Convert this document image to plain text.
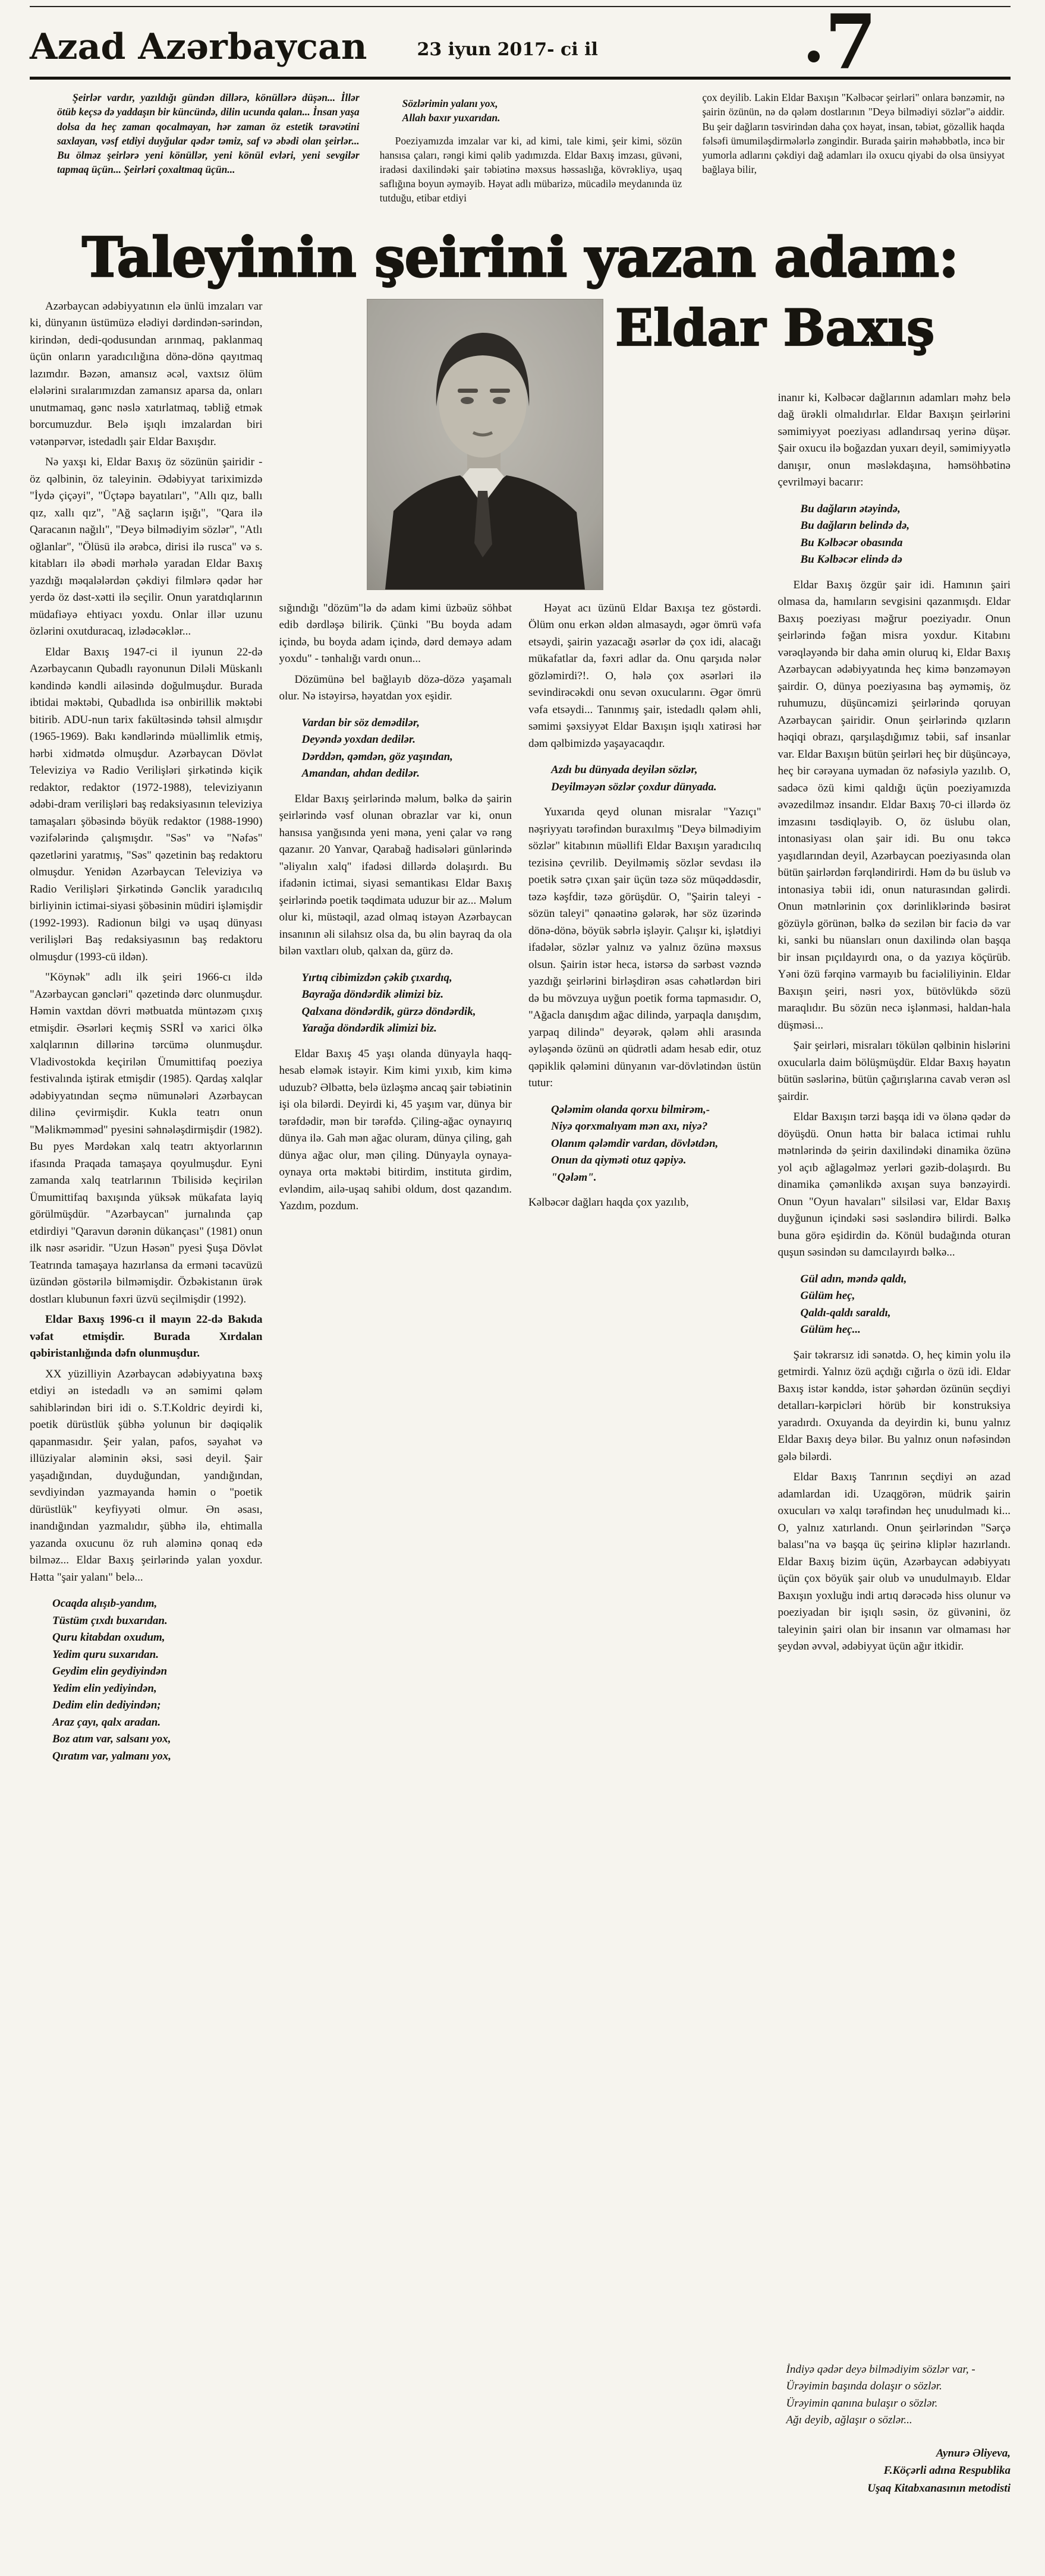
Azad Azərbaycan	23 iyun 2017- ci il	7

Şeirlər vardır, yazıldığı gündən dillərə, könüllərə düşən... İllər ötüb keçsə də yaddaşın bir küncündə, dilin ucunda qalan... İnsan yaşa dolsa da heç zaman qocalmayan, hər zaman öz estetik təravətini saxlayan, vəsf etdiyi duyğular qədər təmiz, saf və əbədi olan şeirlər... Bu ölməz şeirlərə yeni könüllər, yeni könül evləri, yeni sevgilər tapmaq üçün... Şeirləri çoxaltmaq üçün...

Sözlərimin yalanı yox,
Allah baxır yuxarıdan.

Poeziyamızda imzalar var ki, ad kimi, tale kimi, şeir kimi, sözün hansısa çaları, rəngi kimi qəlib yadımızda. Eldar Baxış imzası, güvəni, iradəsi daxilindəki şair təbiətinə məxsus həssaslığa, kövrəkliyə, uşaq saflığına boyun əyməyib. Həyat adlı mübarizə, mücadilə meydanında üz tutduğu, etibar etdiyi

çox deyilib. Lakin Eldar Baxışın "Kəlbəcər şeirləri" onlara bənzəmir, nə şairin özünün, nə də qələm dostlarının "Deyə bilmədiyi sözlər"ə aiddir. Bu şeir dağların təsvirindən daha çox həyat, insan, təbiət, gözəllik haqda fəlsəfi ümumiləşdirmələrlə zəngindir. Burada şairin məhəbbətlə, incə bir yumorla adlarını çəkdiyi dağ adamları ilə oxucu qiyabi də olsa ünsiyyət bağlaya bilir,

Taleyinin şeirini yazan adam:

Azərbaycan ədəbiyyatının elə ünlü imzaları var ki, dünyanın üstümüzə elədiyi dərdindən-sərindən, kirindən, dedi-qodusundan arınmaq, paklanmaq üçün onların yaradıcılığına dönə-dönə qayıtmaq lazımdır. Bəzən, amansız əcəl, vaxtsız ölüm elələrini sıralarımızdan zamansız aparsa da, onları unutmamaq, gənc nəslə xatırlatmaq, təbliğ etmək borcumuzdur. Belə işıqlı imzalardan biri vətənpərvər, istedadlı şair Eldar Baxışdır.

Nə yaxşı ki, Eldar Baxış öz sözünün şairidir - öz qəlbinin, öz taleyinin. Ədəbiyyat tariximizdə "İydə çiçəyi", "Üçtəpə bayatıları", "Allı qız, ballı qız, xallı qız", "Ağ saçların işığı", "Qara ilə Qaracanın nağılı", "Deyə bilmədiyim sözlər", "Atlı oğlanlar", "Ölüsü ilə ərəbcə, dirisi ilə rusca" və s. kitabları ilə əbədi mərhələ yaradan Eldar Baxış yazdığı məqalələrdən çəkdiyi filmlərə qədər hər yerdə öz dəst-xətti ilə seçilir. Onun yaratdıqlarının müdafiəyə ehtiyacı yoxdu. Onlar illər uzunu özlərini oxutduracaq, izlədəcəklər...

Eldar Baxış 1947-ci il iyunun 22-də Azərbaycanın Qubadlı rayonunun Diləli Müskanlı kəndində kəndli ailəsində doğulmuşdur. Burada ibtidai məktəbi, Qubadlıda isə onbirillik məktəbi bitirib. ADU-nun tarix fakültəsində təhsil almışdır (1965-1969). Bakı kəndlərində müəllimlik etmiş, hərbi xidmətdə olmuşdur. Azərbaycan Dövlət Televiziya və Radio Verilişləri şirkətində kiçik redaktor, redaktor (1972-1988), televiziyanın ədəbi-dram verilişləri baş redaksiyasının televiziya tamaşaları şöbəsində böyük redaktor (1988-1990) vəzifələrində çalışmışdır. "Səs" və "Nəfəs" qəzetlərini yaratmış, "Səs" qəzetinin baş redaktoru olmuşdur. Yenidən Azərbaycan Televiziya və Radio Verilişləri Şirkətində Gənclik yaradıcılıq birliyinin ictimai-siyasi şöbəsinin müdiri işləmişdir (1992-1993). Radionun bilgi və uşaq dünyası verilişləri Baş redaksiyasının baş redaktoru olmuşdur (1993-cü ildən).

"Köynək" adlı ilk şeiri 1966-cı ildə "Azərbaycan gəncləri" qəzetində dərc olunmuşdur. Həmin vaxtdan dövri mətbuatda müntəzəm çıxış etmişdir. Əsərləri keçmiş SSRİ və xarici ölkə xalqlarının dillərinə tərcümə olunmuşdur. Vladivostokda keçirilən Ümumittifaq poeziya festivalında iştirak etmişdir (1985). Qardaş xalqlar ədəbiyyatından seçmə nümunələri Azərbaycan dilinə çevirmişdir. Kukla teatrı onun "Məlikməmməd" pyesini səhnələşdirmişdir (1982). Bu pyes Mərdəkan xalq teatrı aktyorlarının ifasında Praqada tamaşaya qoyulmuşdur. Eyni zamanda xalq teatrlarının Tbilisidə keçirilən Ümumittifaq baxışında yüksək mükafata layiq görülmüşdür. "Azərbaycan" jurnalında çap etdirdiyi "Qaravun dərənin dükançası" (1981) onun ilk nəsr əsəridir. "Uzun Həsən" pyesi Şuşa Dövlət Teatrında tamaşaya hazırlansa da erməni təcavüzü üzündən göstərilə bilməmişdir. Özbəkistanın ürək dostları klubunun fəxri üzvü seçilmişdir (1992).

Eldar Baxış 1996-cı il mayın 22-də Bakıda vəfat etmişdir. Burada Xırdalan qəbiristanlığında dəfn olunmuşdur.

XX yüzilliyin Azərbaycan ədəbiyyatına bəxş etdiyi ən istedadlı və ən səmimi qələm sahiblərindən biri idi o. S.T.Koldric deyirdi ki, poetik dürüstlük şübhə yolunun bir dəqiqəlik qapanmasıdır. Şeir yalan, pafos, səyahət və illüziyalar aləminin əksi, səsi deyil. Şair yaşadığından, duyduğundan, yandığından, sevdiyindən yazmayanda həmin o "poetik dürüstlük" keyfiyyəti olmur. Ən əsası, inandığından yazmalıdır, şübhə ilə, ehtimalla yazanda oxucunu öz ruh aləminə qonaq edə bilməz... Eldar Baxış şeirlərində yalan yoxdur. Hətta "şair yalanı" belə...

Ocaqda alışıb-yandım,
Tüstüm çıxdı buxarıdan.
Quru kitabdan oxudum,
Yedim quru suxarıdan.
Geydim elin geydiyindən
Yedim elin yediyindən,
Dedim elin dediyindən;
Araz çayı, qalx aradan.
Boz atım var, salsanı yox,
Qıratım var, yalmanı yox,

sığındığı "dözüm"lə də adam kimi üzbəüz söhbət edib dərdləşə bilirik. Çünki "Bu boyda adam içində, bu boyda adam içində, dərd deməyə adam yoxdu" - tənhalığı vardı onun...

Dözümünə bel bağlayıb dözə-dözə yaşamalı olur. Nə istəyirsə, həyatdan yox eşidir.

Vardan bir söz demədilər,
Deyəndə yoxdan dedilər.
Dərddən, qəmdən, göz yaşından,
Amandan, ahdan dedilər.

Eldar Baxış şeirlərində məlum, bəlkə də şairin şeirlərində vəsf olunan obrazlar var ki, onun hansısa yanğısında yeni məna, yeni çalar və rəng qazanır. 20 Yanvar, Qarabağ hadisələri günlərində "əliyalın xalq" ifadəsi dillərdə dolaşırdı. Bu ifadənin ictimai, siyasi semantikası Eldar Baxış şeirlərində poetik təqdimata uduzur bir az... Məlum olur ki, müstəqil, azad olmaq istəyən Azərbaycan insanının əli silahsız olsa da, bu əlin bayraq da ola bilən vaxtları olub, qalxan da, gürz də.

Yırtıq cibimizdən çəkib çıxardıq,
Bayrağa döndərdik əlimizi biz.
Qalxana döndərdik, gürzə döndərdik,
Yarağa döndərdik əlimizi biz.

Eldar Baxış 45 yaşı olanda dünyayla haqq-hesab eləmək istəyir. Kim kimi yıxıb, kim kimə uduzub? Əlbəttə, belə üzləşmə ancaq şair təbiətinin işi ola bilərdi. Deyirdi ki, 45 yaşım var, dünya bir tərəfdədir, mən bir tərəfdə. Çiling-ağac oynayırıq dünya ilə. Gah mən ağac oluram, dünya çiling, gah dünya ağac olur, mən çiling. Dünyayla oynaya-oynaya orta məktəbi bitirdim, instituta girdim, evləndim, ailə-uşaq sahibi oldum, dost qazandım. Yazdım, pozdum.

Həyat acı üzünü Eldar Baxışa tez göstərdi. Ölüm onu erkən əldən almasaydı, əgər ömrü vəfa etsəydi, şairin yazacağı əsərlər də çox idi, alacağı mükafatlar da, fəxri adlar da. Onu qarşıda nələr gözləmirdi?!. O, hələ çox əsərləri ilə sevindirəcəkdi onu sevən oxucularını. Əgər ömrü vəfa etsəydi... Tanınmış şair, istedadlı qələm əhli, səmimi şəxsiyyət Eldar Baxışın işıqlı xatirəsi hər dəm qəlbimizdə yaşayacaqdır.

Azdı bu dünyada deyilən sözlər,
Deyilməyən sözlər çoxdur dünyada.

Yuxarıda qeyd olunan misralar "Yazıçı" nəşriyyatı tərəfindən buraxılmış "Deyə bilmədiyim sözlər" kitabının müəllifi Eldar Baxışın yaradıcılıq tezisinə çevrilib. Deyilməmiş sözlər sevdası ilə poetik sətrə çıxan şair üçün təzə söz müqəddəsdir, təzə kəşfdir, təzə görüşdür. O, "Şairin taleyi - sözün taleyi" qənaətinə gələrək, hər söz üzərində dönə-dönə, böyük səbrlə işləyir. Çalışır ki, işlətdiyi ifadələr, sözlər yalnız və yalnız özünə məxsus olsun. Şairin istər heca, istərsə də sərbəst vəzndə yazdığı şeirlərini birləşdirən əsas cəhətlərdən biri də bu mövzuya uyğun poetik forma tapmasıdır. O, "Ağacla danışdım ağac dilində, yarpaqla danışdım, yarpaq dilində" deyərək, qələm əhli arasında əyləşəndə özünü ən qüdrətli adam hesab edir, otuz qəpiklik qələmini dünyanın var-dövlətindən üstün tutur:

Qələmim olanda qorxu bilmirəm,-
Niyə qorxmalıyam mən axı, niyə?
Olanım qələmdir vardan, dövlətdən,
Onun da qiyməti otuz qəpiyə.
"Qələm".

Kəlbəcər dağları haqda çox yazılıb,

inanır ki, Kəlbəcər dağlarının adamları məhz belə dağ ürəkli olmalıdırlar. Eldar Baxışın şeirlərini səmimiyyət poeziyası adlandırsaq yerinə düşər. Şair oxucu ilə boğazdan yuxarı deyil, səmimiyyətlə danışır, onun məsləkdaşına, həmsöhbətinə çevrilməyi bacarır:

Bu dağların ətəyində,
Bu dağların belində də,
Bu Kəlbəcər obasında
Bu Kəlbəcər elində də

Eldar Baxış özgür şair idi. Hamının şairi olmasa da, hamıların sevgisini qazanmışdı. Eldar Baxış poeziyası məğrur poeziyadır. Onun şeirlərində fəğan misra yoxdur. Kitabını vərəqləyəndə bir daha əmin oluruq ki, Eldar Baxış Azərbaycan ədəbiyyatında heç kimə bənzəməyən şairdir. O, dünya poeziyasına baş əyməmiş, öz ruhumuzu, düşüncəmizi şeirlərində qoruyan Azərbaycan şairidir. Onun şeirlərində qızların həqiqi obrazı, qarşılaşdığımız təbii, saf insanlar var. Eldar Baxışın bütün şeirləri heç bir düşüncəyə, heç bir cərəyana uymadan öz nəfəsiylə yazılıb. O, sadəcə özü kimi qaldığı üçün poeziyamızda əvəzedilməz insandır. Eldar Baxış 70-ci illərdə öz imzasını təsdiqləyib. O, öz üslubu olan, intonasiyası olan şair idi. Bu onu təkcə yaşıdlarından deyil, Azərbaycan poeziyasında olan bütün şairlərdən fərqləndirirdi. Həm də bu üslub və intonasiya təbii idi, onun naturasından gəlirdi. Onun mətnlərinin çox dərinliklərində bəsirət gözüylə görünən, bəlkə də sezilən bir faciə də var ki, sanki bu nüansları onun daxilində olan başqa bir insan pıçıldayırdı ona, o da yazıya köçürüb. Yəni özü fərqinə varmayıb bu faciəliliyinin. Eldar Baxışın şeiri, nəsri yox, bütövlükdə sözü maraqlıdır. Bu sözün necə işlənməsi, haldan-hala düşməsi...

Şair şeirləri, misraları tökülən qəlbinin hislərini oxucularla daim bölüşmüşdür. Eldar Baxış həyatın bütün səslərinə, bütün çağırışlarına cavab verən əsl şairdir.

Eldar Baxışın tərzi başqa idi və ölənə qədər də döyüşdü. Onun hətta bir balaca ictimai ruhlu mətnlərində də şeirin daxilindəki dinamika özünə yol açıb ağlagəlməz yerləri gəzib-dolaşırdı. Bu dinamika çəmənlikdə axışan suya bənzəyirdi. Onun "Oyun havaları" silsiləsi var, Eldar Baxış duyğunun içindəki səsi səsləndirə bilirdi. Bəlkə buna görə eşidirdin də. Könül budağında oturan quşun səsindən su damcılayırdı bəlkə...

Gül adın, məndə qaldı,
Gülüm heç,
Qaldı-qaldı saraldı,
Gülüm heç...

Şair təkrarsız idi sənətdə. O, heç kimin yolu ilə getmirdi. Yalnız özü açdığı cığırla o özü idi. Eldar Baxış istər kənddə, istər şəhərdən özünün seçdiyi detalları-kərpicləri hörüb bir konstruksiya yaradırdı. Oxuyanda da deyirdin ki, bunu yalnız Eldar Baxış deyə bilər. Bu yalnız onun nəfəsindən gələ bilərdi.

Eldar Baxış Tanrının seçdiyi ən azad adamlardan idi. Uzaqgörən, müdrik şairin oxucuları və xalqı tərəfindən heç unudulmadı ki... O, yalnız xatırlandı. Onun şeirlərindən "Sərçə balası"na və başqa üç şeirinə kliplər hazırlandı. Eldar Baxış bizim üçün, Azərbaycan ədəbiyyatı üçün çox böyük şair olub və unudulmayıb. Eldar Baxışın yoxluğu indi artıq dərəcədə hiss olunur və poeziyadan bir işıqlı səsin, öz güvənini, öz taleyinin şairi olan bir insanın var olmaması hər şeydən əvvəl, ədəbiyyat üçün ağır itkidir.

İndiyə qədər deyə bilmədiyim sözlər var, -
Ürəyimin başında dolaşır o sözlər.
Ürəyimin qanına bulaşır o sözlər.
Ağı deyib, ağlaşır o sözlər...
Aynurə Əliyeva,
F.Köçərli adına Respublika
Uşaq Kitabxanasının metodisti
Eldar Baxış
